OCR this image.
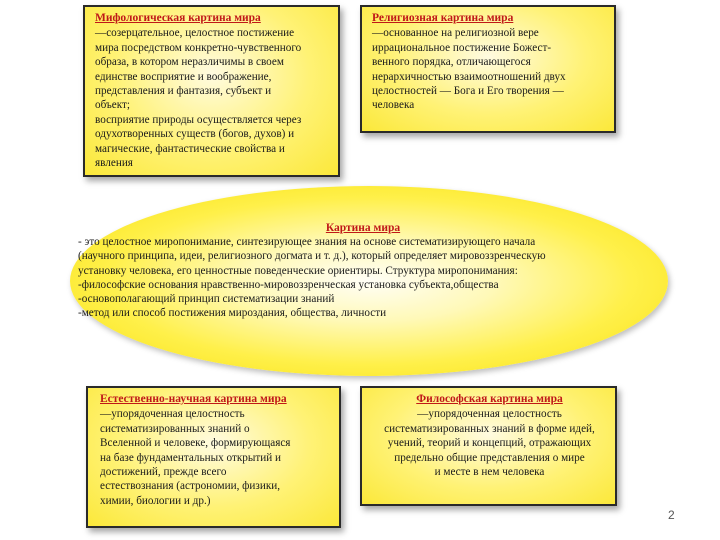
Мифологическая картина мира
—созерцательное, целостное постижение
мира посредством конкретно-чувственного
образа, в котором неразличимы в своем
единстве восприятие и воображение,
представления и фантазия, субъект и
объект;
восприятие природы осуществляется через
одухотворенных существ (богов, духов) и
магические, фантастические свойства и
явления
Религиозная картина мира
—основанное на религиозной вере
иррациональное постижение Божест-
венного порядка, отличающегося
нерархичностью взаимоотношений двух
целостностей — Бога и Его творения —
человека
Картина мира
- это целостное миропонимание, синтезирующее знания на основе систематизирующего начала
(научного принципа, идеи, религиозного догмата и т. д.), который определяет мировоззренческую
установку человека, его ценностные поведенческие ориентиры. Структура миропонимания:
-философские основания нравственно-мировоззренческая установка субъекта,общества
-основополагающий принцип систематизации знаний
-метод или способ постижения мироздания, общества, личности
Естественно-научная картина мира
—упорядоченная целостность
систематизированных знаний о
Вселенной и человеке, формирующаяся
на базе фундаментальных открытий и
достижений, прежде всего
естествознания (астрономии, физики,
химии, биологии и др.)
Философская картина мира
—упорядоченная целостность
систематизированных знаний в форме идей,
учений, теорий и концепций, отражающих
предельно общие представления о мире
и месте в нем человека
2
